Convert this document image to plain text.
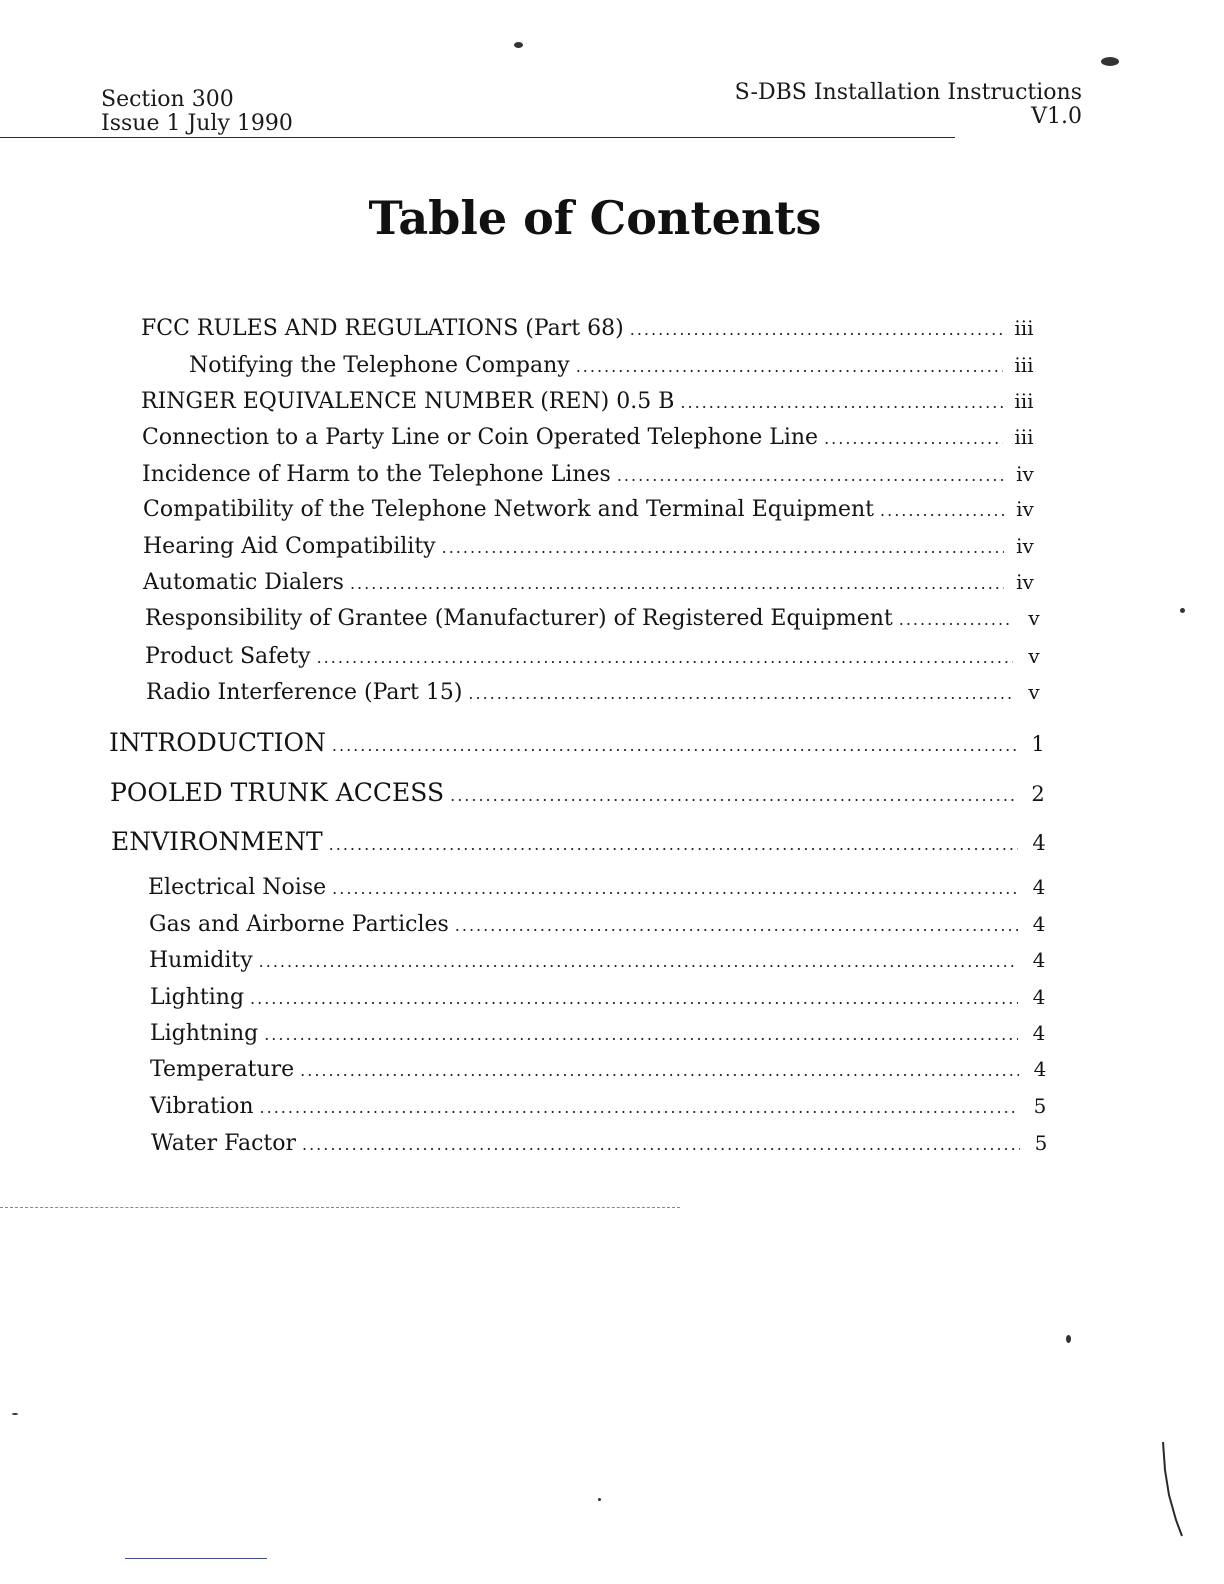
Section 300
Issue 1 July 1990
S-DBS Installation Instructions
V1.0
Table of Contents
FCC RULES AND REGULATIONS (Part 68) .....	iii
Notifying the Telephone Company .....	iii
RINGER EQUIVALENCE NUMBER (REN) 0.5 B .....	iii
Connection to a Party Line or Coin Operated Telephone Line .....	iii
Incidence of Harm to the Telephone Lines .....	iv
Compatibility of the Telephone Network and Terminal Equipment .....	iv
Hearing Aid Compatibility .....	iv
Automatic Dialers .....	iv
Responsibility of Grantee (Manufacturer) of Registered Equipment .....	v
Product Safety .....	v
Radio Interference (Part 15) .....	v
INTRODUCTION .....	1
POOLED TRUNK ACCESS .....	2
ENVIRONMENT .....	4
Electrical Noise .....	4
Gas and Airborne Particles .....	4
Humidity .....	4
Lighting .....	4
Lightning .....	4
Temperature .....	4
Vibration .....	5
Water Factor .....	5
